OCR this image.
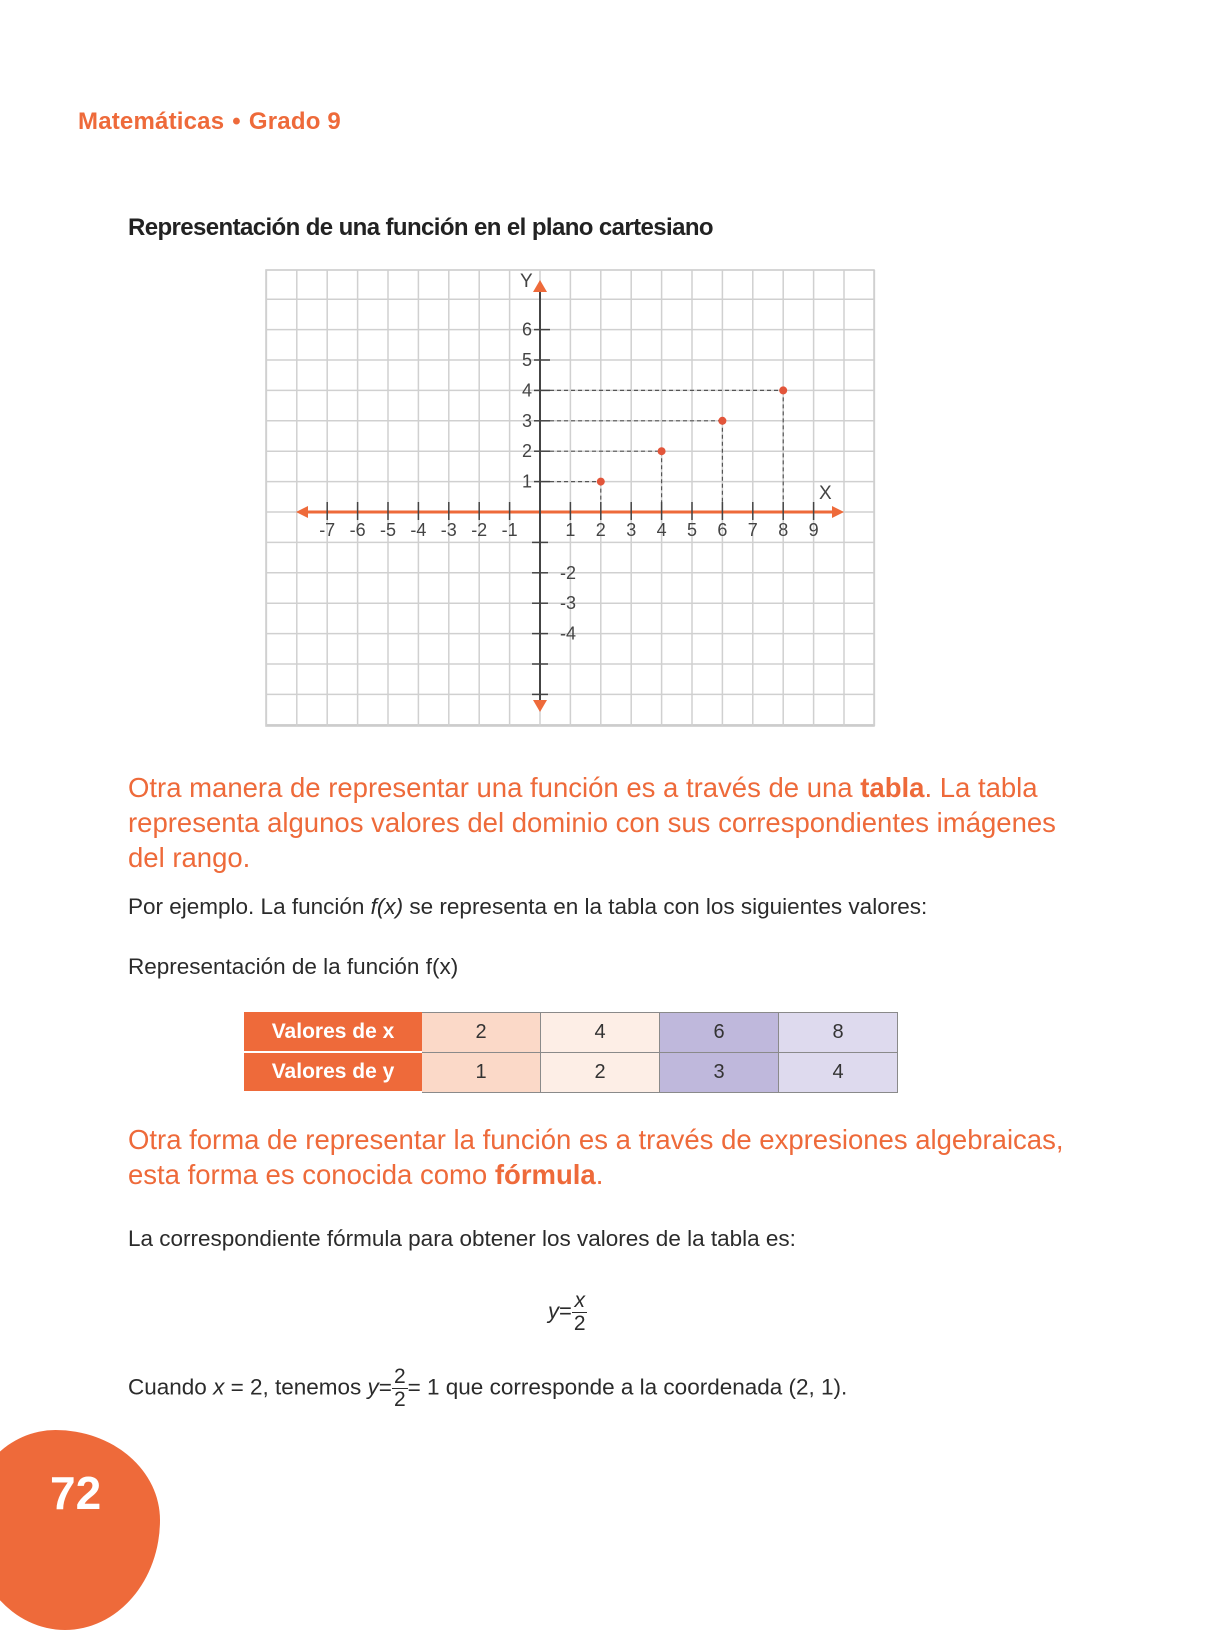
Matemáticas • Grado 9
Representación de una función en el plano cartesiano
Y
X
-7 -6 -5 -4 -3 -2 -1	1 2 3 4 5 6 7 8 9
1
2
3
4
5
6
-2
-3
-4
Otra manera de representar una función es a través de una tabla. La tabla representa algunos valores del dominio con sus correspondientes imágenes del rango.
Por ejemplo. La función f(x) se representa en la tabla con los siguientes valores:
Representación de la función f(x)
Valores de x	2	4	6	8
Valores de y	1	2	3	4
Otra forma de representar la función es a través de expresiones algebraicas, esta forma es conocida como fórmula.
La correspondiente fórmula para obtener los valores de la tabla es:
$y= \frac{x}{2}$
Cuando x = 2, tenemos $y= \frac{2}{2} = 1$ que corresponde a la coordenada (2, 1).
72
